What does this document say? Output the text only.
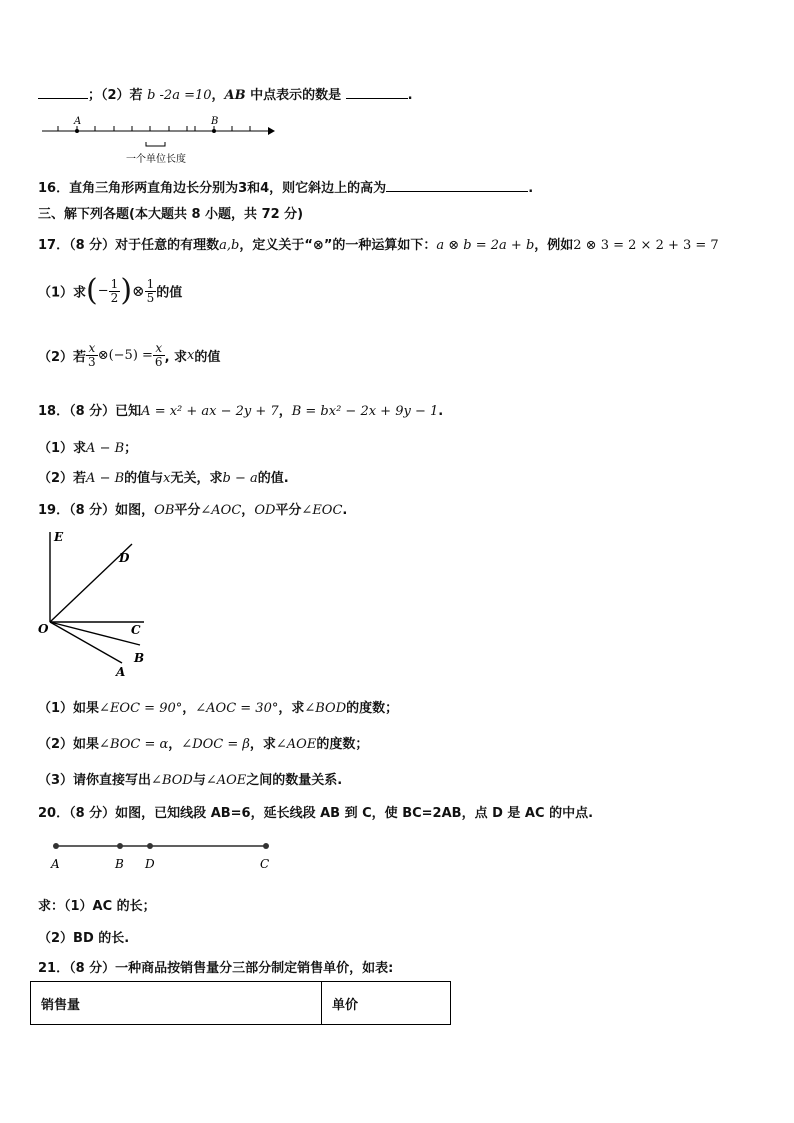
；（2）若 b -2a =10，AB 中点表示的数是	.
A	B
一个单位长度
16．直角三角形两直角边长分别为3和4，则它斜边上的高为	.
三、解下列各题(本大题共 8 小题，共 72 分)
17．（8 分）对于任意的有理数a,b，定义关于“⊗”的一种运算如下：a ⊗ b = 2a + b，例如2 ⊗ 3 = 2 × 2 + 3 = 7
（1）求(− $\frac{1}{2}$ )⊗ $\frac{1}{5}$ 的值
（2）若 $\frac{x}{3}$ ⊗(−5) = $\frac{x}{6}$ , 求x的值
18．（8 分）已知A = x² + ax − 2y + 7，B = bx² − 2x + 9y − 1.
（1）求A − B；
（2）若A − B的值与x无关，求b − a的值.
19．（8 分）如图，OB平分∠AOC，OD平分∠EOC.
E
D
O	C
B
A
（1）如果∠EOC = 90°，∠AOC = 30°，求∠BOD的度数；
（2）如果∠BOC = α，∠DOC = β，求∠AOE的度数；
（3）请你直接写出∠BOD与∠AOE之间的数量关系.
20．（8 分）如图，已知线段 AB=6，延长线段 AB 到 C，使 BC=2AB，点 D 是 AC 的中点.
A	B D	C
求：（1）AC 的长；
（2）BD 的长.
21．（8 分）一种商品按销售量分三部分制定销售单价，如表:
销售量	单价
